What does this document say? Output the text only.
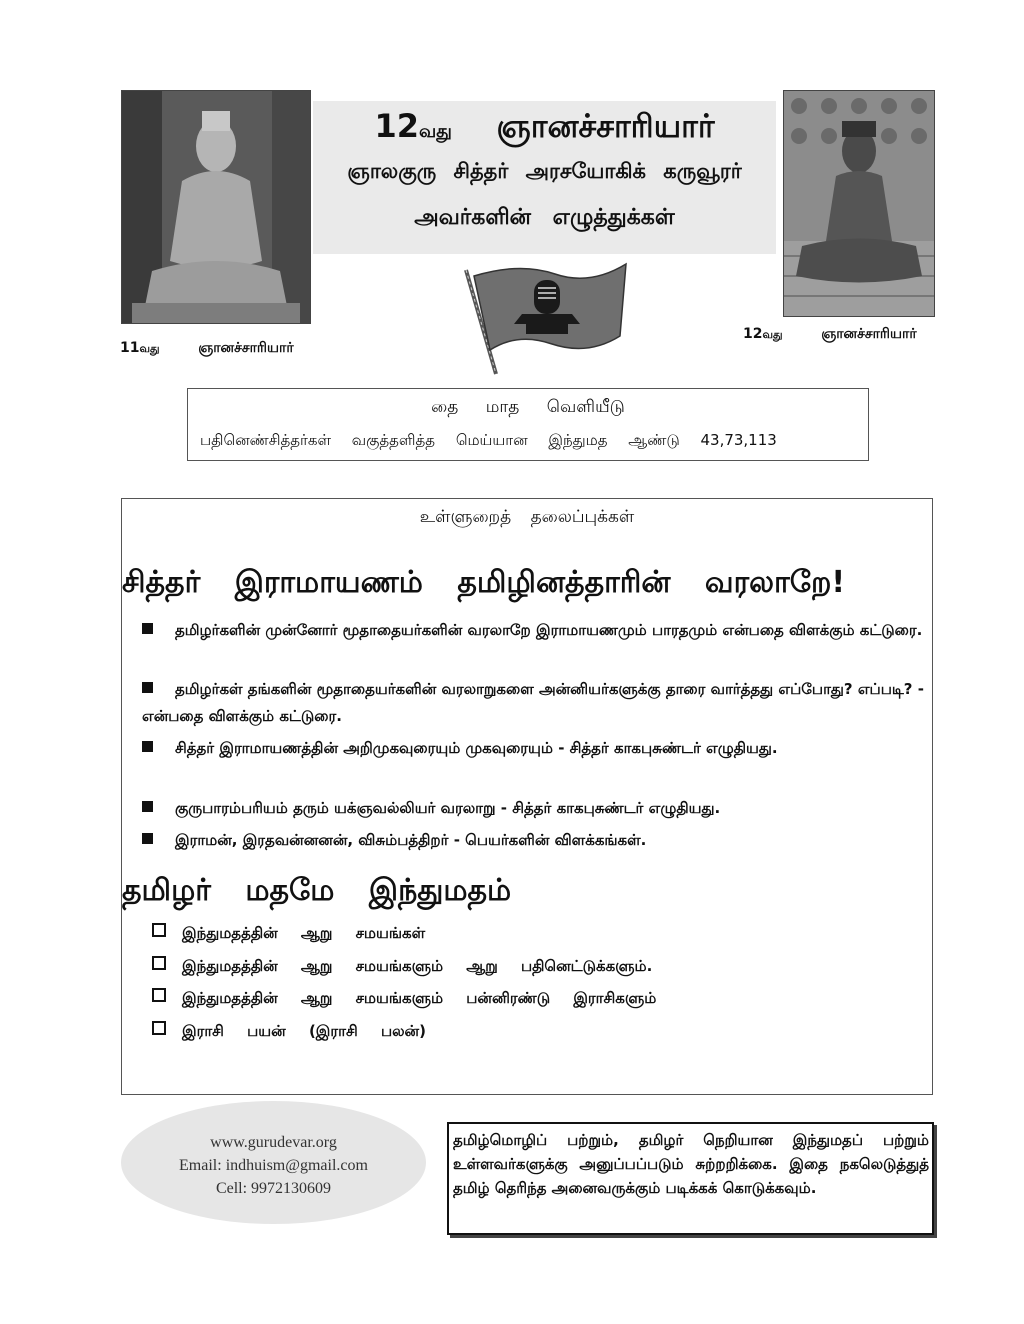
12வது ஞானச்சாரியார்
ஞாலகுரு சித்தர் அரசயோகிக் கருவூரர்
அவர்களின் எழுத்துக்கள்
11வது	ஞானச்சாரியார்
12வது	ஞானச்சாரியார்
தை மாத வெளியீடு
பதினெண்சித்தர்கள் வகுத்தளித்த மெய்யான இந்துமத ஆண்டு 43,73,113
உள்ளுறைத் தலைப்புக்கள்
சித்தர் இராமாயணம் தமிழினத்தாரின் வரலாறே!
தமிழர்களின் முன்னோர் மூதாதையர்களின் வரலாறே இராமாயணமும் பாரதமும் என்பதை விளக்கும் கட்டுரை.
தமிழர்கள் தங்களின் மூதாதையர்களின் வரலாறுகளை அன்னியர்களுக்கு தாரை வார்த்தது எப்போது? எப்படி? - என்பதை விளக்கும் கட்டுரை.
சித்தர் இராமாயணத்தின் அறிமுகவுரையும் முகவுரையும் - சித்தர் காகபுசுண்டர் எழுதியது.
குருபாரம்பரியம் தரும் யக்ஞவல்லியர் வரலாறு - சித்தர் காகபுசுண்டர் எழுதியது.
இராமன், இரதவன்னனன், விசும்பத்திறர் - பெயர்களின் விளக்கங்கள்.
தமிழர் மதமே இந்துமதம்
இந்துமதத்தின் ஆறு சமயங்கள்
இந்துமதத்தின் ஆறு சமயங்களும் ஆறு பதினெட்டுக்களும்.
இந்துமதத்தின் ஆறு சமயங்களும் பன்னிரண்டு இராசிகளும்
இராசி பயன் (இராசி பலன்)
www.gurudevar.org
Email: indhuism@gmail.com
Cell: 9972130609
தமிழ்மொழிப் பற்றும், தமிழர் நெறியான இந்துமதப் பற்றும் உள்ளவர்களுக்கு அனுப்பப்படும் சுற்றறிக்கை. இதை நகலெடுத்துத் தமிழ் தெரிந்த அனைவருக்கும் படிக்கக் கொடுக்கவும்.
